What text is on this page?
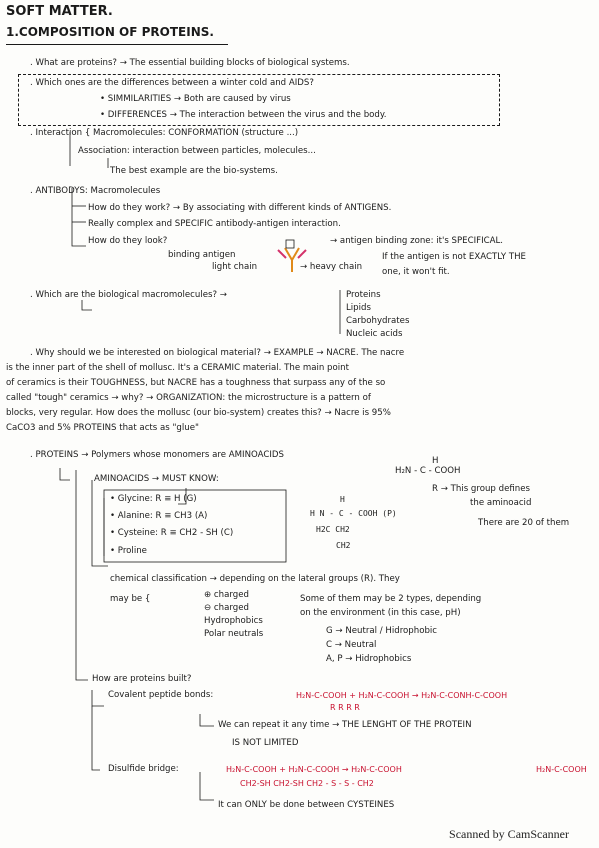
SOFT MATTER.
1.COMPOSITION OF PROTEINS.
. What are proteins? → The essential building blocks of biological systems.
. Which ones are the differences between a winter cold and AIDS?
• SIMMILARITIES → Both are caused by virus
• DIFFERENCES → The interaction between the virus and the body.
. Interaction { Macromolecules: CONFORMATION (structure ...)
Association: interaction between particles, molecules...
The best example are the bio-systems.
. ANTIBODYS: Macromolecules
How do they work? → By associating with different kinds of ANTIGENS.
Really complex and SPECIFIC antibody-antigen interaction.
How do they look?	→ antigen binding zone: it's SPECIFICAL.
binding antigen
light chain	→ heavy chain
If the antigen is not EXACTLY THE
one, it won't fit.
. Which are the biological macromolecules? →	Proteins
Lipids
Carbohydrates
Nucleic acids
. Why should we be interested on biological material? → EXAMPLE → NACRE. The nacre
is the inner part of the shell of mollusc. It's a CERAMIC material. The main point
of ceramics is their TOUGHNESS, but NACRE has a toughness that surpass any of the so
called "tough" ceramics → why? → ORGANIZATION: the microstructure is a pattern of
blocks, very regular. How does the mollusc (our bio-system) creates this? → Nacre is 95%
CaCO3 and 5% PROTEINS that acts as "glue"
. PROTEINS → Polymers whose monomers are AMINOACIDS
H
H₂N - C - COOH
R → This group defines
the aminoacid
There are 20 of them
AMINOACIDS → MUST KNOW:
• Glycine: R ≡ H (G)
• Alanine: R ≡ CH3 (A)
• Cysteine: R ≡ CH2 - SH (C)
• Proline
H
H N - C - COOH (P)
H2C CH2
CH2
chemical classification → depending on the lateral groups (R). They
may be {	⊕ charged
⊖ charged
Hydrophobics
Polar neutrals
Some of them may be 2 types, depending
on the environment (in this case, pH)
G → Neutral / Hidrophobic
C → Neutral
A, P → Hidrophobics
How are proteins built?
Covalent peptide bonds:	H₂N-C-COOH + H₂N-C-COOH → H₂N-C-CONH-C-COOH
R R R R
We can repeat it any time → THE LENGHT OF THE PROTEIN
IS NOT LIMITED
Disulfide bridge:	H₂N-C-COOH + H₂N-C-COOH → H₂N-C-COOH
CH2-SH CH2-SH CH2 - S - S - CH2
H₂N-C-COOH
It can ONLY be done between CYSTEINES
Scanned by CamScanner
